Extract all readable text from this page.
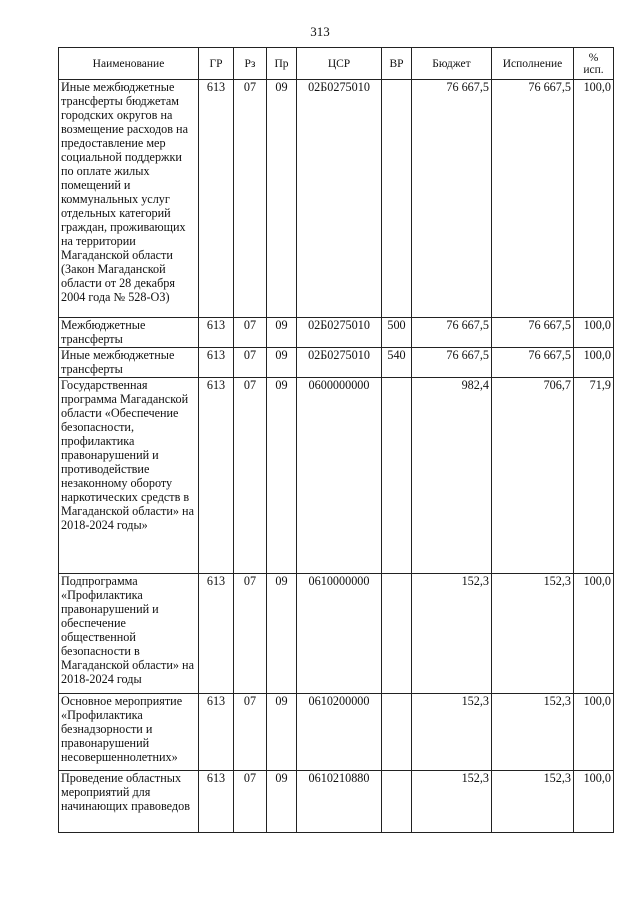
313
Наименование	ГР	Рз	Пр	ЦСР	ВР	Бюджет	Исполнение	%
исп.
Иные межбюджетные трансферты бюджетам городских округов на возмещение расходов на предоставление мер социальной поддержки по оплате жилых помещений и коммунальных услуг отдельных категорий граждан, проживающих на территории Магаданской области (Закон Магаданской области от 28 декабря 2004 года № 528-ОЗ)	613	07	09	02Б0275010		76 667,5	76 667,5	100,0
Межбюджетные трансферты	613	07	09	02Б0275010	500	76 667,5	76 667,5	100,0
Иные межбюджетные трансферты	613	07	09	02Б0275010	540	76 667,5	76 667,5	100,0
Государственная программа Магаданской области «Обеспечение безопасности, профилактика правонарушений и противодействие незаконному обороту наркотических средств в Магаданской области» на 2018-2024 годы»	613	07	09	0600000000		982,4	706,7	71,9
Подпрограмма «Профилактика правонарушений и обеспечение общественной безопасности в Магаданской области» на 2018-2024 годы	613	07	09	0610000000		152,3	152,3	100,0
Основное мероприятие «Профилактика безнадзорности и правонарушений несовершеннолетних»	613	07	09	0610200000		152,3	152,3	100,0
Проведение областных мероприятий для начинающих правоведов	613	07	09	0610210880		152,3	152,3	100,0
